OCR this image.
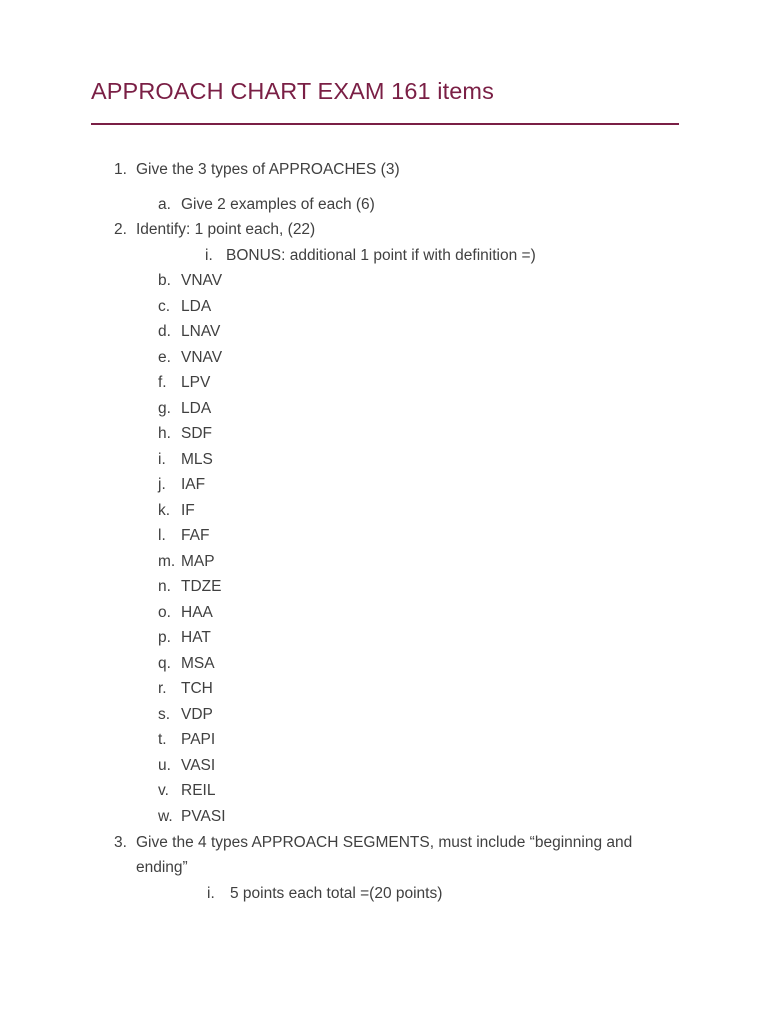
APPROACH CHART EXAM 161 items
1. Give the 3 types of APPROACHES (3)
a. Give 2 examples of each (6)
2. Identify: 1 point each, (22)
i. BONUS: additional 1 point if with definition =)
b. VNAV
c. LDA
d. LNAV
e. VNAV
f. LPV
g. LDA
h. SDF
i. MLS
j. IAF
k. IF
l. FAF
m. MAP
n. TDZE
o. HAA
p. HAT
q. MSA
r. TCH
s. VDP
t. PAPI
u. VASI
v. REIL
w. PVASI
3. Give the 4 types APPROACH SEGMENTS, must include “beginning and
ending”
i. 5 points each total =(20 points)
